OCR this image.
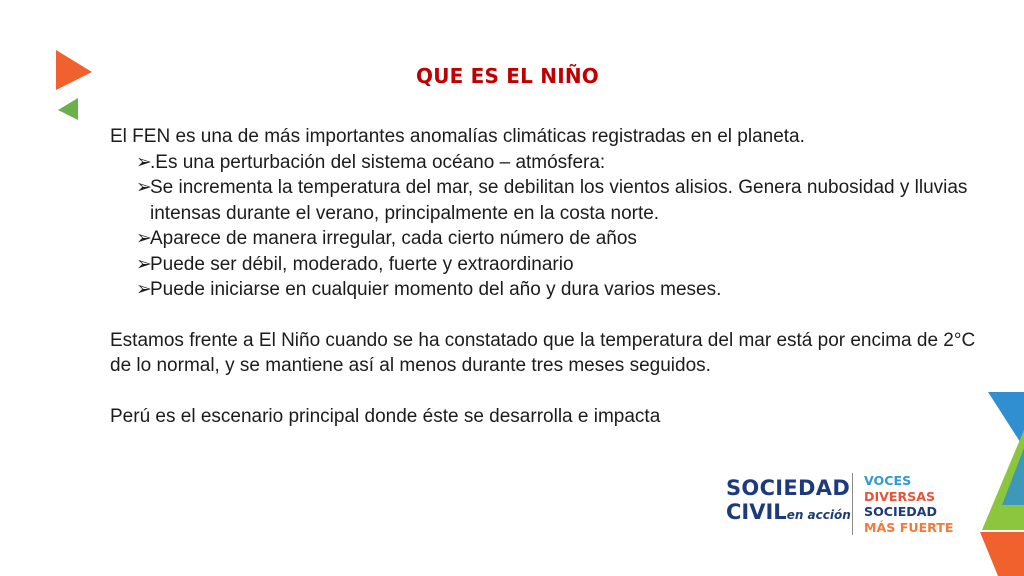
QUE ES EL NIÑO

El FEN es una de más importantes anomalías climáticas registradas en el planeta.

➢.Es una perturbación del sistema océano – atmósfera:

➢Se incrementa la temperatura del mar, se debilitan los vientos alisios. Genera nubosidad y lluvias intensas durante el verano, principalmente en la costa norte.

➢Aparece de manera irregular, cada cierto número de años

➢Puede ser débil, moderado, fuerte y extraordinario

➢Puede iniciarse en cualquier momento del año y dura varios meses.

Estamos frente a El Niño cuando se ha constatado que la temperatura del mar está por encima de 2°C de lo normal, y se mantiene así al menos durante tres meses seguidos.

Perú es el escenario principal donde éste se desarrolla e impacta

SOCIEDAD
CIVILen acción
VOCES
DIVERSAS
SOCIEDAD
MÁS FUERTE
